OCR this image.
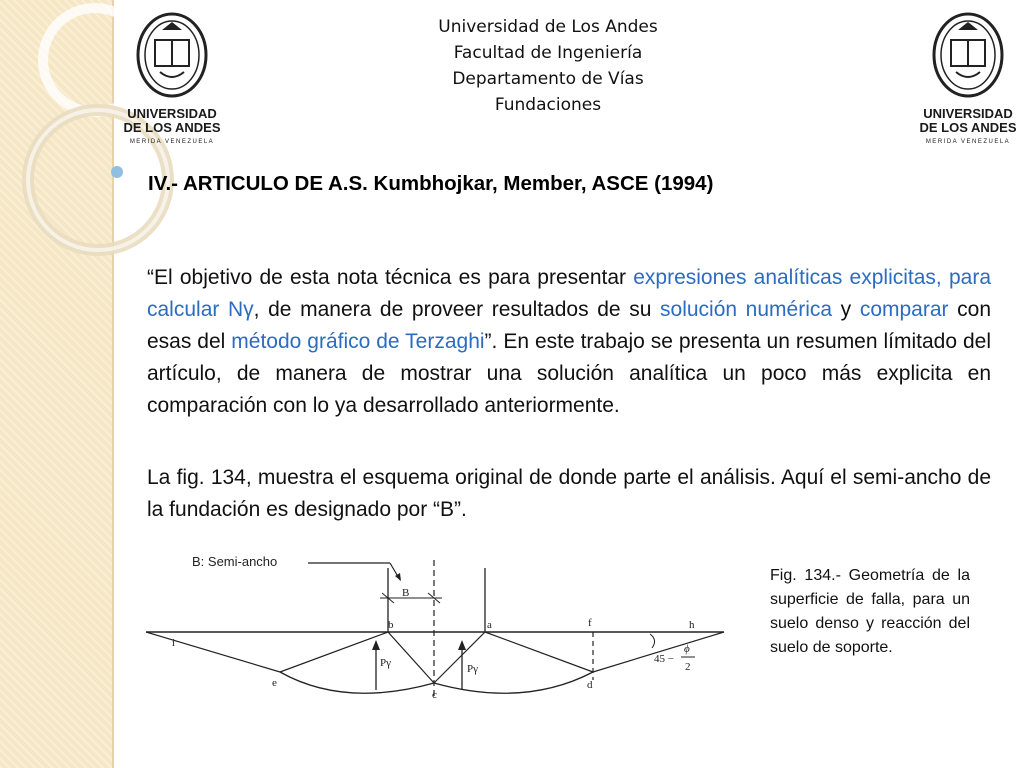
UNIVERSIDAD
DE LOS ANDES
MERIDA VENEZUELA
UNIVERSIDAD
DE LOS ANDES
MERIDA VENEZUELA
Universidad de Los Andes
Facultad de Ingeniería
Departamento de Vías
Fundaciones
IV.- ARTICULO DE A.S. Kumbhojkar, Member, ASCE (1994)

“El objetivo de esta nota técnica es para presentar expresiones analíticas explicitas, para calcular Nγ, de manera de proveer resultados de su solución numérica y comparar con esas del método gráfico de Terzaghi”. En este trabajo se presenta un resumen límitado del artículo, de manera de mostrar una solución analítica un poco más explicita en comparación con lo ya desarrollado anteriormente.

La fig. 134, muestra el esquema original de donde parte el análisis. Aquí el semi-ancho de la fundación es designado por “B”.

B: Semi-ancho
B
Pγ	Pγ
b	a	f	h
i
e
c
d
45 −
ϕ
2

Fig. 134.- Geometría de la superficie de falla, para un suelo denso y reacción del suelo de soporte.
